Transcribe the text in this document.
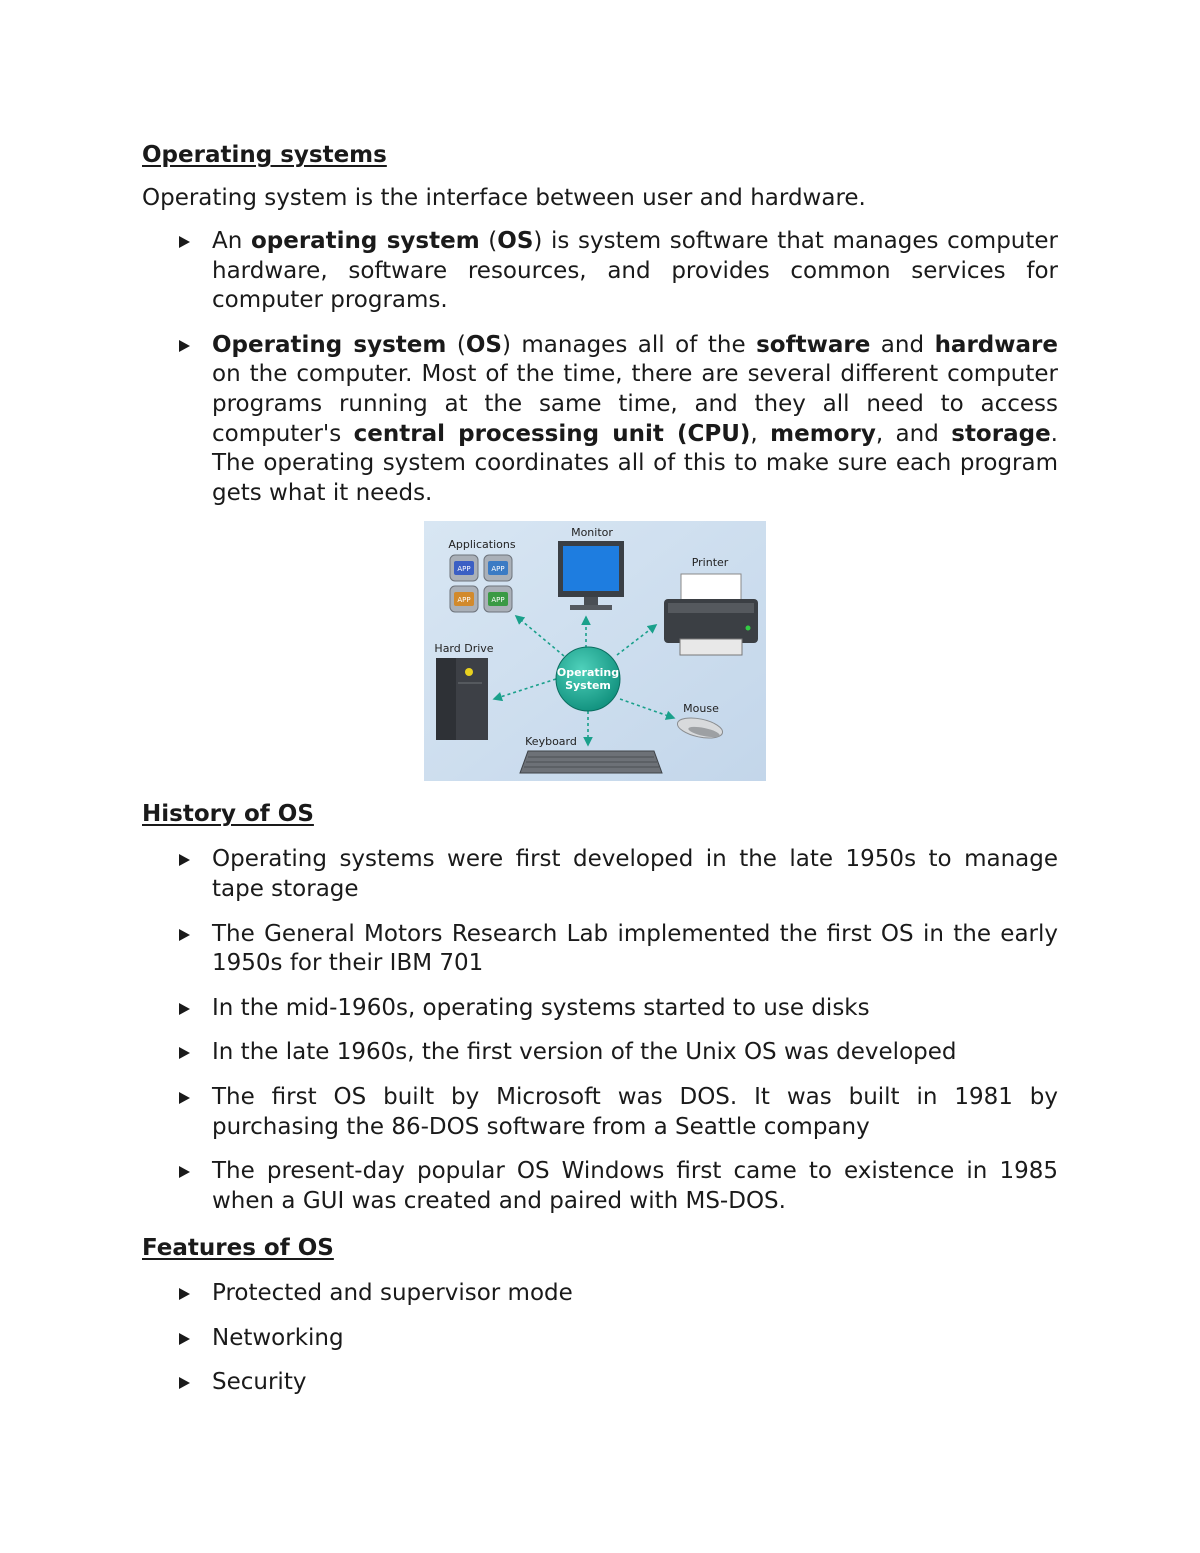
Operating systems

Operating system is the interface between user and hardware.

An operating system (OS) is system software that manages computer hardware, software resources, and provides common services for computer programs.
Operating system (OS) manages all of the software and hardware on the computer. Most of the time, there are several different computer programs running at the same time, and they all need to access computer's central processing unit (CPU), memory, and storage. The operating system coordinates all of this to make sure each program gets what it needs.
Applications
APP	APP
APP	APP
Monitor
Printer
Hard Drive
Operating
System
Mouse
Keyboard
History of OS
Operating systems were first developed in the late 1950s to manage tape storage
The General Motors Research Lab implemented the first OS in the early 1950s for their IBM 701
In the mid-1960s, operating systems started to use disks
In the late 1960s, the first version of the Unix OS was developed
The first OS built by Microsoft was DOS. It was built in 1981 by purchasing the 86-DOS software from a Seattle company
The present-day popular OS Windows first came to existence in 1985 when a GUI was created and paired with MS-DOS.
Features of OS
Protected and supervisor mode
Networking
Security
